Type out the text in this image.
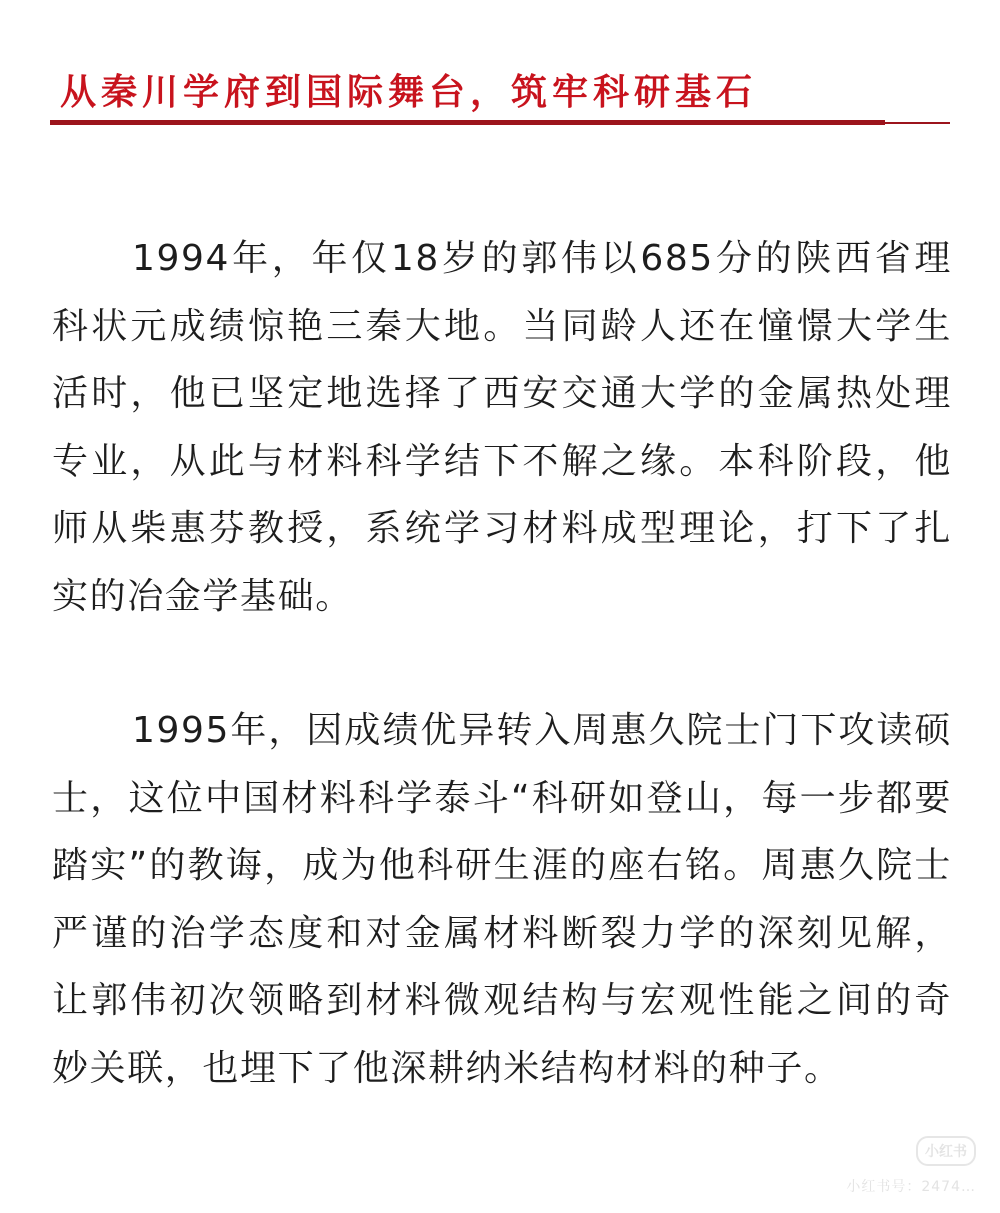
从秦川学府到国际舞台，筑牢科研基石

1994年，年仅18岁的郭伟以685分的陕西省理科状元成绩惊艳三秦大地。当同龄人还在憧憬大学生活时，他已坚定地选择了西安交通大学的金属热处理专业，从此与材料科学结下不解之缘。本科阶段，他师从柴惠芬教授，系统学习材料成型理论，打下了扎实的冶金学基础。

1995年，因成绩优异转入周惠久院士门下攻读硕士，这位中国材料科学泰斗“科研如登山，每一步都要踏实”的教诲，成为他科研生涯的座右铭。周惠久院士严谨的治学态度和对金属材料断裂力学的深刻见解，让郭伟初次领略到材料微观结构与宏观性能之间的奇妙关联，也埋下了他深耕纳米结构材料的种子。

小红书
小红书号：2474…
